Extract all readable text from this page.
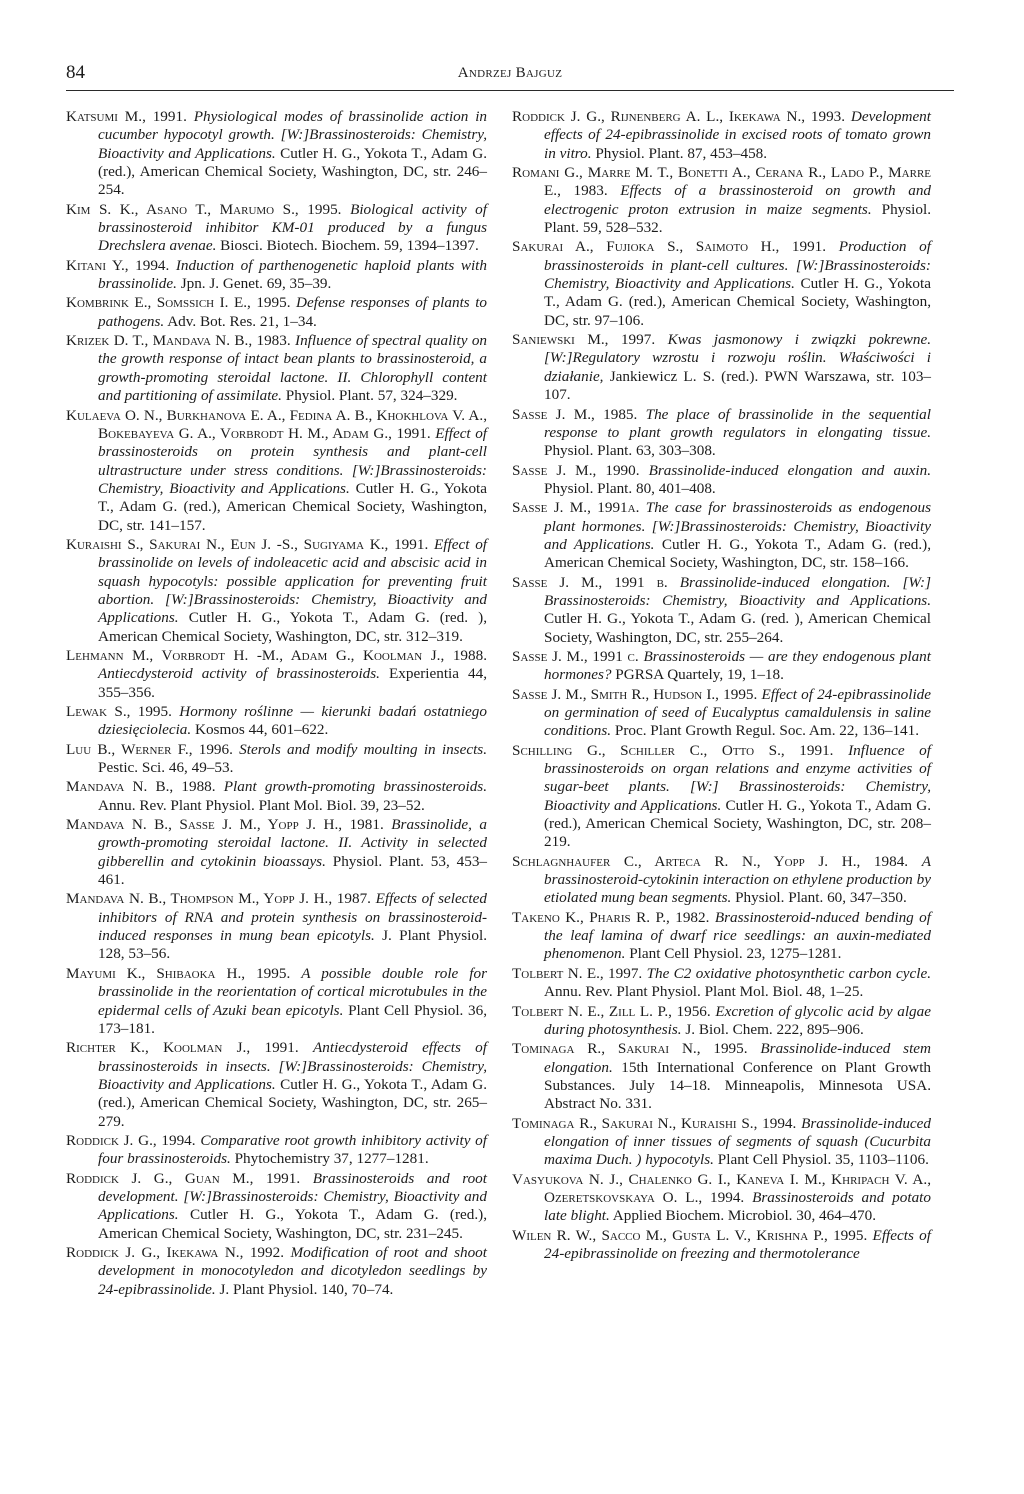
84	Andrzej Bajguz

Katsumi M., 1991. Physiological modes of brassinolide action in cucumber hypocotyl growth. [W:]Brassinosteroids: Chemistry, Bioactivity and Applications. Cutler H. G., Yokota T., Adam G. (red.), American Chemical Society, Washington, DC, str. 246–254.

Kim S. K., Asano T., Marumo S., 1995. Biological activity of brassinosteroid inhibitor KM-01 produced by a fungus Drechslera avenae. Biosci. Biotech. Biochem. 59, 1394–1397.

Kitani Y., 1994. Induction of parthenogenetic haploid plants with brassinolide. Jpn. J. Genet. 69, 35–39.

Kombrink E., Somssich I. E., 1995. Defense responses of plants to pathogens. Adv. Bot. Res. 21, 1–34.

Krizek D. T., Mandava N. B., 1983. Influence of spectral quality on the growth response of intact bean plants to brassinosteroid, a growth-promoting steroidal lactone. II. Chlorophyll content and partitioning of assimilate. Physiol. Plant. 57, 324–329.

Kulaeva O. N., Burkhanova E. A., Fedina A. B., Khokhlova V. A., Bokebayeva G. A., Vorbrodt H. M., Adam G., 1991. Effect of brassinosteroids on protein synthesis and plant-cell ultrastructure under stress conditions. [W:]Brassinosteroids: Chemistry, Bioactivity and Applications. Cutler H. G., Yokota T., Adam G. (red.), American Chemical Society, Washington, DC, str. 141–157.

Kuraishi S., Sakurai N., Eun J. -S., Sugiyama K., 1991. Effect of brassinolide on levels of indoleacetic acid and abscisic acid in squash hypocotyls: possible application for preventing fruit abortion. [W:]Brassinosteroids: Chemistry, Bioactivity and Applications. Cutler H. G., Yokota T., Adam G. (red. ), American Chemical Society, Washington, DC, str. 312–319.

Lehmann M., Vorbrodt H. -M., Adam G., Koolman J., 1988. Antiecdysteroid activity of brassinosteroids. Experientia 44, 355–356.

Lewak S., 1995. Hormony roślinne — kierunki badań ostatniego dziesięciolecia. Kosmos 44, 601–622.

Luu B., Werner F., 1996. Sterols and modify moulting in insects. Pestic. Sci. 46, 49–53.

Mandava N. B., 1988. Plant growth-promoting brassinosteroids. Annu. Rev. Plant Physiol. Plant Mol. Biol. 39, 23–52.

Mandava N. B., Sasse J. M., Yopp J. H., 1981. Brassinolide, a growth-promoting steroidal lactone. II. Activity in selected gibberellin and cytokinin bioassays. Physiol. Plant. 53, 453–461.

Mandava N. B., Thompson M., Yopp J. H., 1987. Effects of selected inhibitors of RNA and protein synthesis on brassinosteroid-induced responses in mung bean epicotyls. J. Plant Physiol. 128, 53–56.

Mayumi K., Shibaoka H., 1995. A possible double role for brassinolide in the reorientation of cortical microtubules in the epidermal cells of Azuki bean epicotyls. Plant Cell Physiol. 36, 173–181.

Richter K., Koolman J., 1991. Antiecdysteroid effects of brassinosteroids in insects. [W:]Brassinosteroids: Chemistry, Bioactivity and Applications. Cutler H. G., Yokota T., Adam G. (red.), American Chemical Society, Washington, DC, str. 265–279.

Roddick J. G., 1994. Comparative root growth inhibitory activity of four brassinosteroids. Phytochemistry 37, 1277–1281.

Roddick J. G., Guan M., 1991. Brassinosteroids and root development. [W:]Brassinosteroids: Chemistry, Bioactivity and Applications. Cutler H. G., Yokota T., Adam G. (red.), American Chemical Society, Washington, DC, str. 231–245.

Roddick J. G., Ikekawa N., 1992. Modification of root and shoot development in monocotyledon and dicotyledon seedlings by 24-epibrassinolide. J. Plant Physiol. 140, 70–74.

Roddick J. G., Rijnenberg A. L., Ikekawa N., 1993. Development effects of 24-epibrassinolide in excised roots of tomato grown in vitro. Physiol. Plant. 87, 453–458.

Romani G., Marre M. T., Bonetti A., Cerana R., Lado P., Marre E., 1983. Effects of a brassinosteroid on growth and electrogenic proton extrusion in maize segments. Physiol. Plant. 59, 528–532.

Sakurai A., Fujioka S., Saimoto H., 1991. Production of brassinosteroids in plant-cell cultures. [W:]Brassinosteroids: Chemistry, Bioactivity and Applications. Cutler H. G., Yokota T., Adam G. (red.), American Chemical Society, Washington, DC, str. 97–106.

Saniewski M., 1997. Kwas jasmonowy i związki pokrewne. [W:]Regulatory wzrostu i rozwoju roślin. Właściwości i działanie, Jankiewicz L. S. (red.). PWN Warszawa, str. 103–107.

Sasse J. M., 1985. The place of brassinolide in the sequential response to plant growth regulators in elongating tissue. Physiol. Plant. 63, 303–308.

Sasse J. M., 1990. Brassinolide-induced elongation and auxin. Physiol. Plant. 80, 401–408.

Sasse J. M., 1991a. The case for brassinosteroids as endogenous plant hormones. [W:]Brassinosteroids: Chemistry, Bioactivity and Applications. Cutler H. G., Yokota T., Adam G. (red.), American Chemical Society, Washington, DC, str. 158–166.

Sasse J. M., 1991 b. Brassinolide-induced elongation. [W:] Brassinosteroids: Chemistry, Bioactivity and Applications. Cutler H. G., Yokota T., Adam G. (red. ), American Chemical Society, Washington, DC, str. 255–264.

Sasse J. M., 1991 c. Brassinosteroids — are they endogenous plant hormones? PGRSA Quartely, 19, 1–18.

Sasse J. M., Smith R., Hudson I., 1995. Effect of 24-epibrassinolide on germination of seed of Eucalyptus camaldulensis in saline conditions. Proc. Plant Growth Regul. Soc. Am. 22, 136–141.

Schilling G., Schiller C., Otto S., 1991. Influence of brassinosteroids on organ relations and enzyme activities of sugar-beet plants. [W:] Brassinosteroids: Chemistry, Bioactivity and Applications. Cutler H. G., Yokota T., Adam G. (red.), American Chemical Society, Washington, DC, str. 208–219.

Schlagnhaufer C., Arteca R. N., Yopp J. H., 1984. A brassinosteroid-cytokinin interaction on ethylene production by etiolated mung bean segments. Physiol. Plant. 60, 347–350.

Takeno K., Pharis R. P., 1982. Brassinosteroid-nduced bending of the leaf lamina of dwarf rice seedlings: an auxin-mediated phenomenon. Plant Cell Physiol. 23, 1275–1281.

Tolbert N. E., 1997. The C2 oxidative photosynthetic carbon cycle. Annu. Rev. Plant Physiol. Plant Mol. Biol. 48, 1–25.

Tolbert N. E., Zill L. P., 1956. Excretion of glycolic acid by algae during photosynthesis. J. Biol. Chem. 222, 895–906.

Tominaga R., Sakurai N., 1995. Brassinolide-induced stem elongation. 15th International Conference on Plant Growth Substances. July 14–18. Minneapolis, Minnesota USA. Abstract No. 331.

Tominaga R., Sakurai N., Kuraishi S., 1994. Brassinolide-induced elongation of inner tissues of segments of squash (Cucurbita maxima Duch. ) hypocotyls. Plant Cell Physiol. 35, 1103–1106.

Vasyukova N. J., Chalenko G. I., Kaneva I. M., Khripach V. A., Ozeretskovskaya O. L., 1994. Brassinosteroids and potato late blight. Applied Biochem. Microbiol. 30, 464–470.

Wilen R. W., Sacco M., Gusta L. V., Krishna P., 1995. Effects of 24-epibrassinolide on freezing and thermotolerance
